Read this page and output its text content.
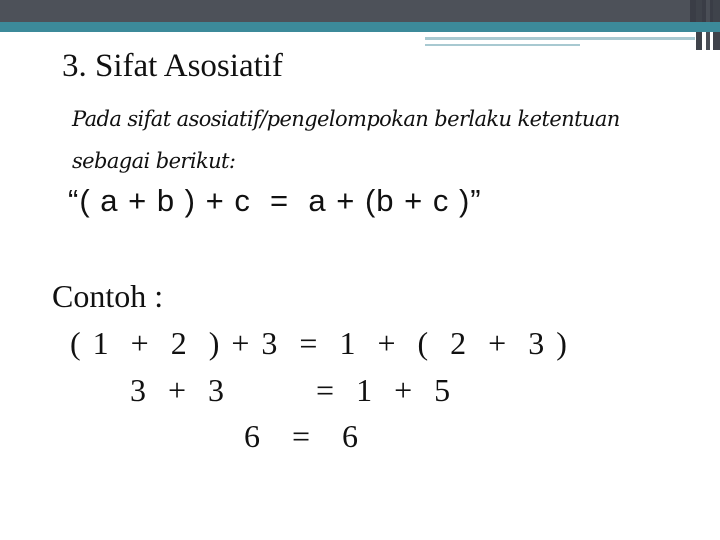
3. Sifat Asosiatif
Pada sifat asosiatif/pengelompokan berlaku ketentuan sebagai berikut:
“( a + b ) + c  =  a + (b + c )”
Contoh :
( 1  +  2  ) + 3  =  1  +  (  2  +  3 )
3  +  3         =  1  +  5
6   =   6
